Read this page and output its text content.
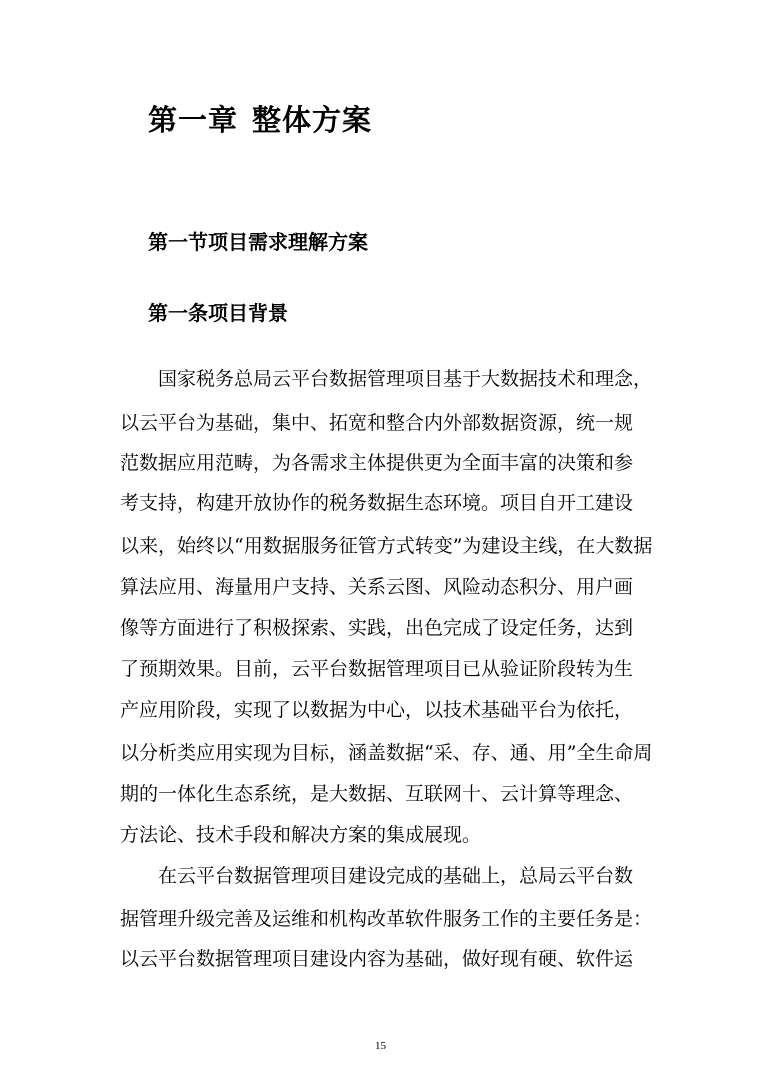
第一章 整体方案
第一节项目需求理解方案
第一条项目背景

国家税务总局云平台数据管理项目基于大数据技术和理念，

以云平台为基础，集中、拓宽和整合内外部数据资源，统一规

范数据应用范畴，为各需求主体提供更为全面丰富的决策和参

考支持，构建开放协作的税务数据生态环境。项目自开工建设

以来，始终以“用数据服务征管方式转变”为建设主线，在大数据

算法应用、海量用户支持、关系云图、风险动态积分、用户画

像等方面进行了积极探索、实践，出色完成了设定任务，达到

了预期效果。目前，云平台数据管理项目已从验证阶段转为生

产应用阶段，实现了以数据为中心，以技术基础平台为依托，

以分析类应用实现为目标，涵盖数据“采、存、通、用”全生命周

期的一体化生态系统，是大数据、互联网十、云计算等理念、

方法论、技术手段和解决方案的集成展现。

在云平台数据管理项目建设完成的基础上，总局云平台数

据管理升级完善及运维和机构改革软件服务工作的主要任务是：

以云平台数据管理项目建设内容为基础，做好现有硬、软件运

15
